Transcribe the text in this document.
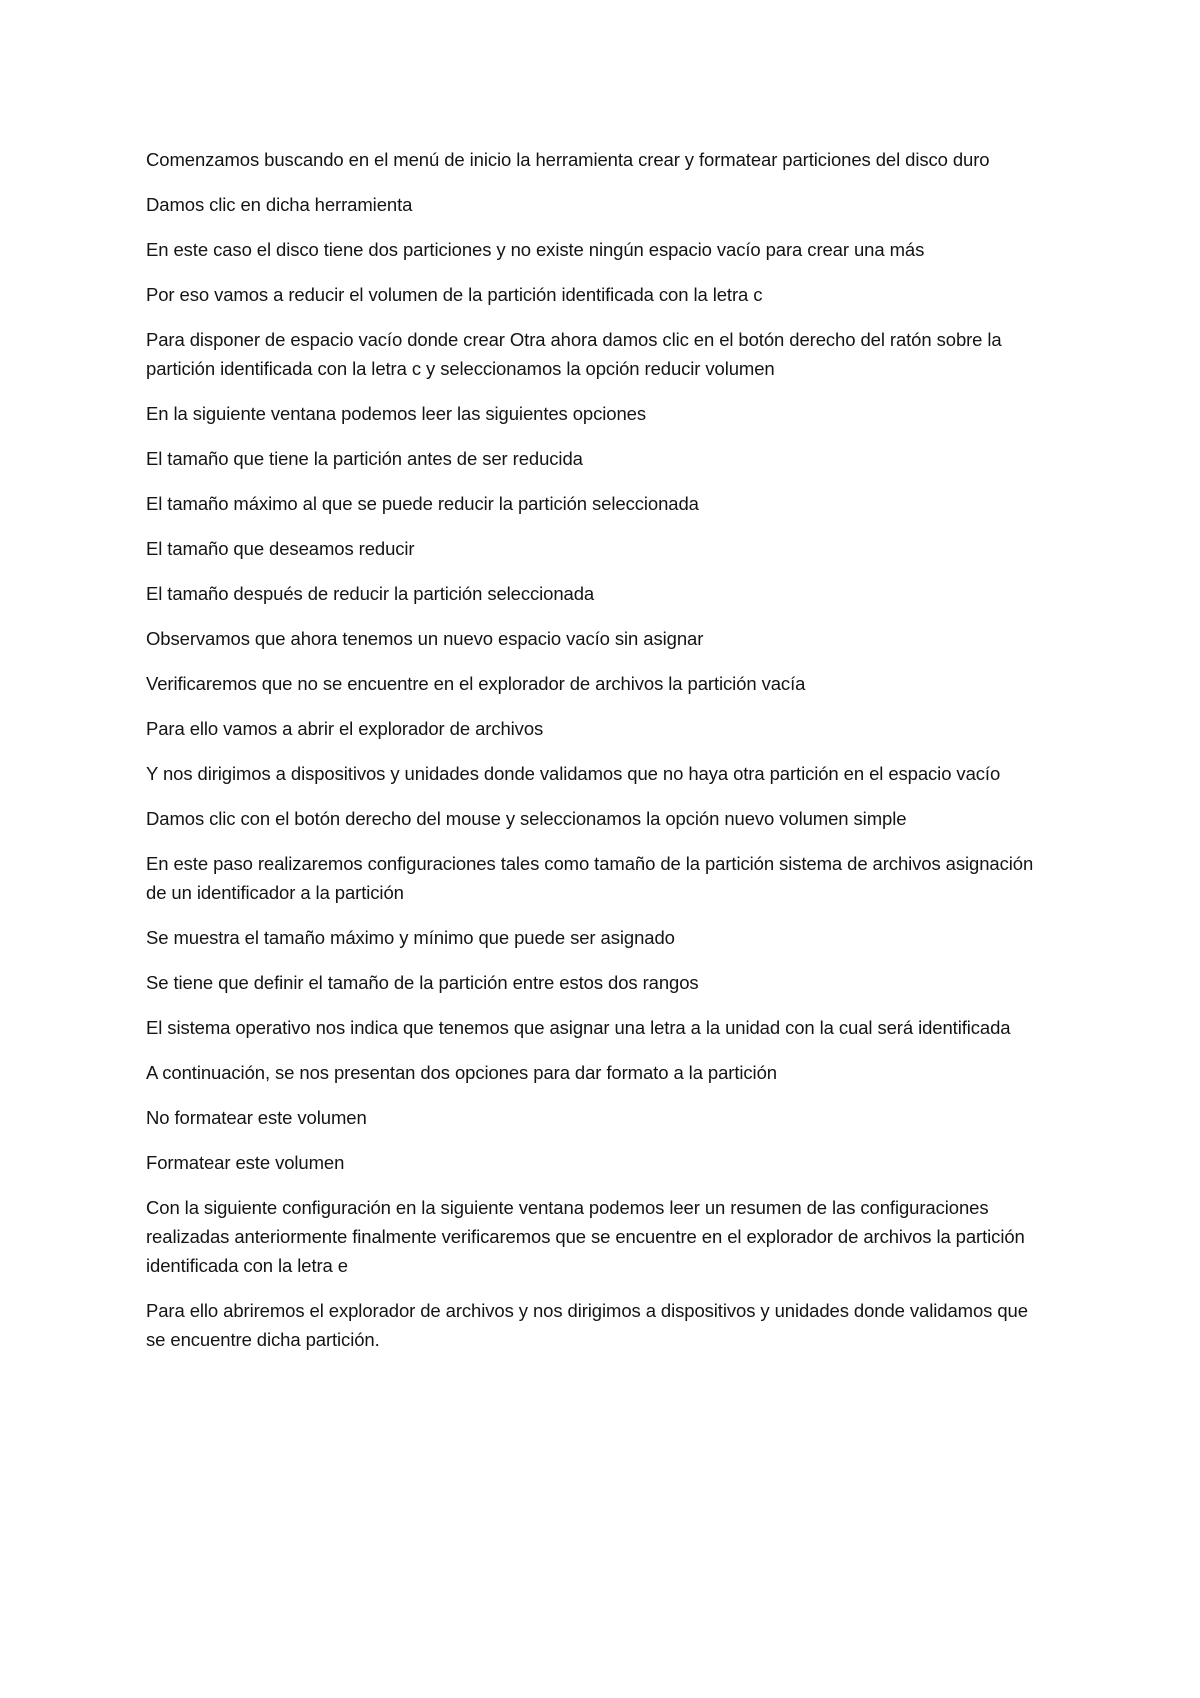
Comenzamos buscando en el menú de inicio la herramienta crear y formatear particiones del disco duro

Damos clic en dicha herramienta

En este caso el disco tiene dos particiones y no existe ningún espacio vacío para crear una más

Por eso vamos a reducir el volumen de la partición identificada con la letra c

Para disponer de espacio vacío donde crear Otra ahora damos clic en el botón derecho del ratón sobre la partición identificada con la letra c y seleccionamos la opción reducir volumen

En la siguiente ventana podemos leer las siguientes opciones

El tamaño que tiene la partición antes de ser reducida

El tamaño máximo al que se puede reducir la partición seleccionada

El tamaño que deseamos reducir

El tamaño después de reducir la partición seleccionada

Observamos que ahora tenemos un nuevo espacio vacío sin asignar

Verificaremos que no se encuentre en el explorador de archivos la partición vacía

Para ello vamos a abrir el explorador de archivos

Y nos dirigimos a dispositivos y unidades donde validamos que no haya otra partición en el espacio vacío

Damos clic con el botón derecho del mouse y seleccionamos la opción nuevo volumen simple

En este paso realizaremos configuraciones tales como tamaño de la partición sistema de archivos asignación de un identificador a la partición

Se muestra el tamaño máximo y mínimo que puede ser asignado

Se tiene que definir el tamaño de la partición entre estos dos rangos

El sistema operativo nos indica que tenemos que asignar una letra a la unidad con la cual será identificada

A continuación, se nos presentan dos opciones para dar formato a la partición

No formatear este volumen

Formatear este volumen

Con la siguiente configuración en la siguiente ventana podemos leer un resumen de las configuraciones realizadas anteriormente finalmente verificaremos que se encuentre en el explorador de archivos la partición identificada con la letra e

Para ello abriremos el explorador de archivos y nos dirigimos a dispositivos y unidades donde validamos que se encuentre dicha partición.
